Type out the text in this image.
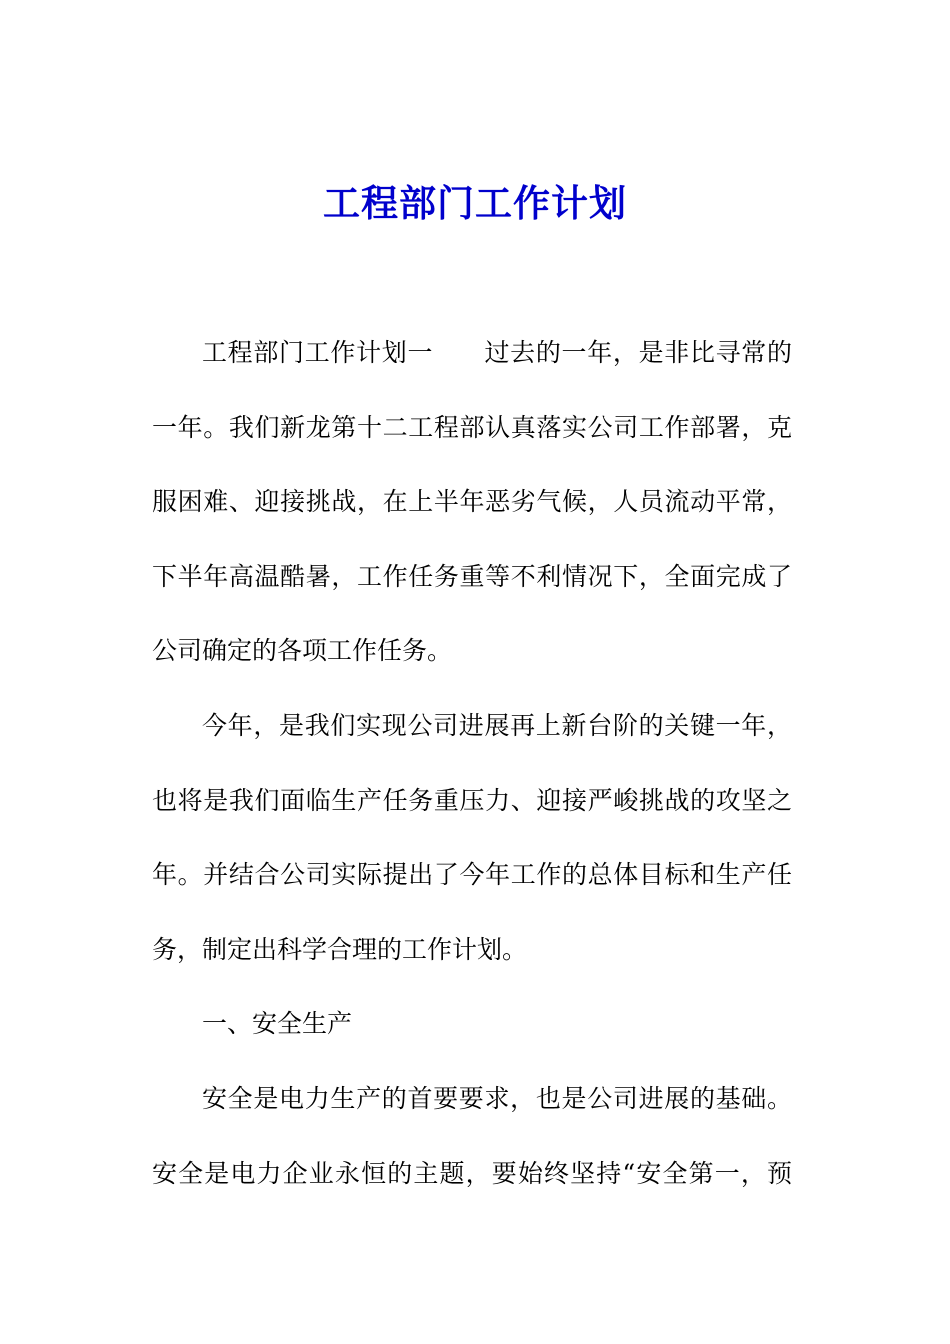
工程部门工作计划
工程部门工作计划一　　过去的一年，是非比寻常的
一年。我们新龙第十二工程部认真落实公司工作部署，克
服困难、迎接挑战，在上半年恶劣气候，人员流动平常，
下半年高温酷暑，工作任务重等不利情况下，全面完成了
公司确定的各项工作任务。
今年，是我们实现公司进展再上新台阶的关键一年，
也将是我们面临生产任务重压力、迎接严峻挑战的攻坚之
年。并结合公司实际提出了今年工作的总体目标和生产任
务，制定出科学合理的工作计划。
一、安全生产
安全是电力生产的首要要求，也是公司进展的基础。
安全是电力企业永恒的主题，要始终坚持“安全第一，预
